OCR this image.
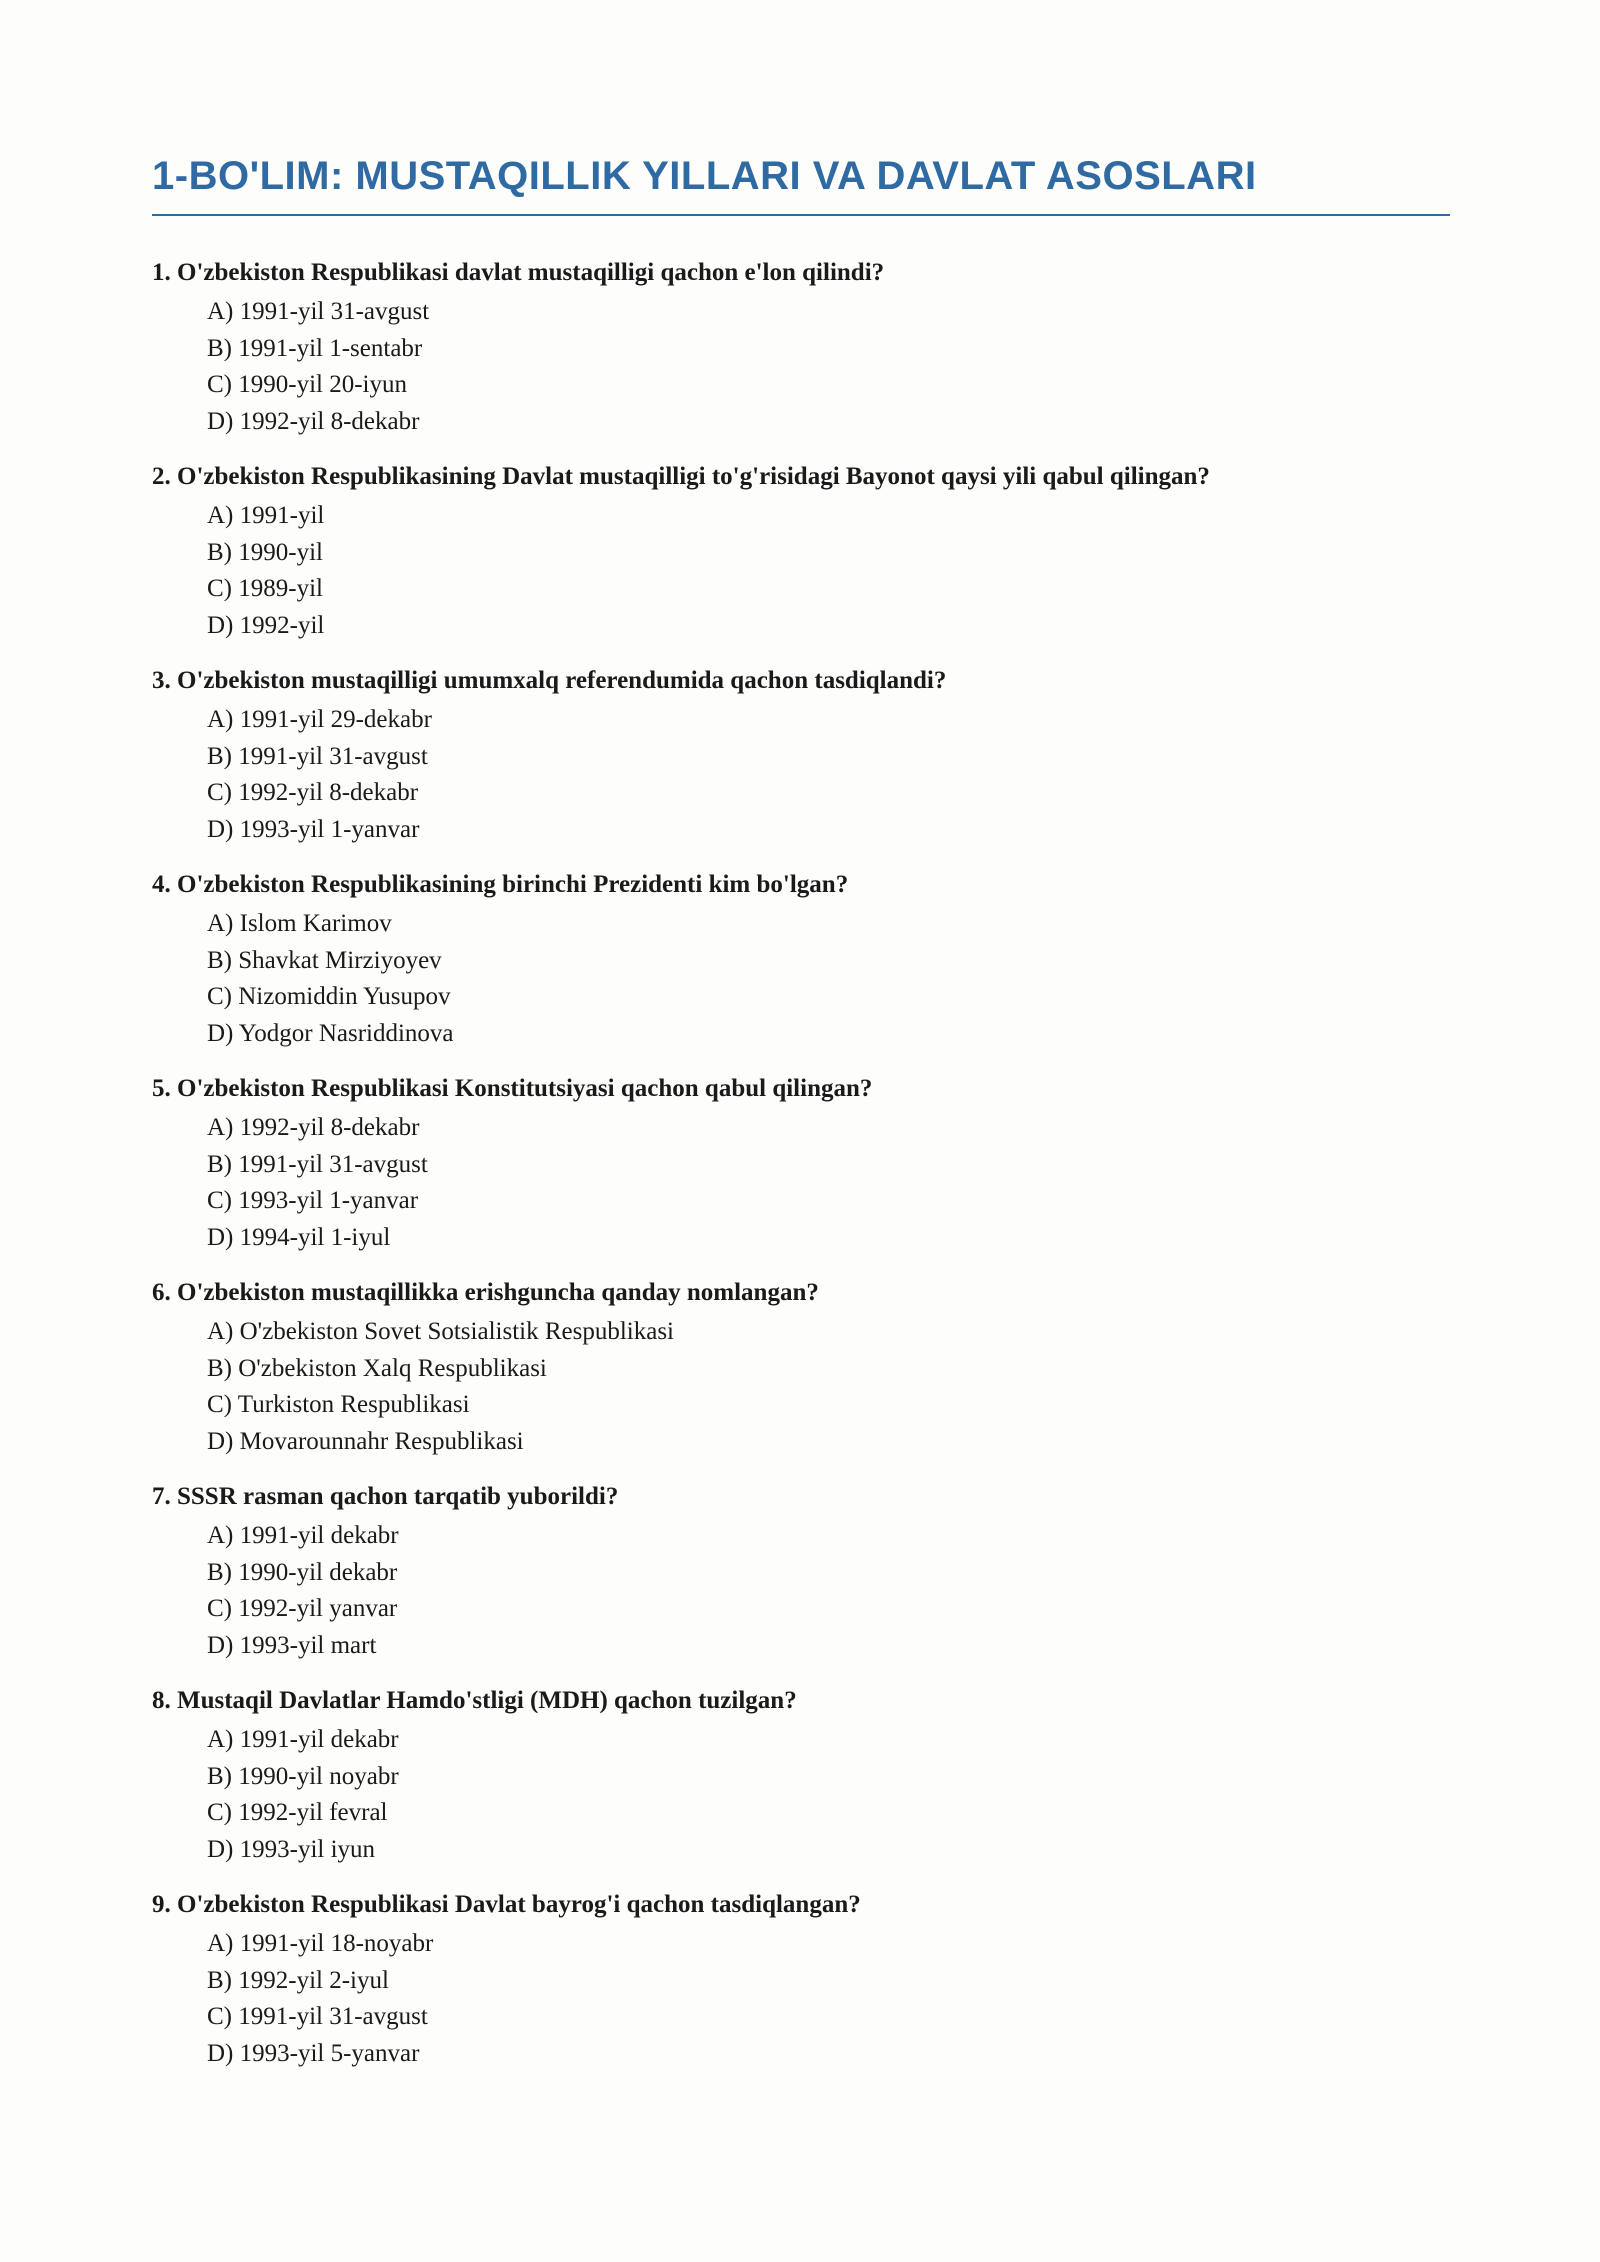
1-BO'LIM: MUSTAQILLIK YILLARI VA DAVLAT ASOSLARI
1. O'zbekiston Respublikasi davlat mustaqilligi qachon e'lon qilindi?
A) 1991-yil 31-avgust
B) 1991-yil 1-sentabr
C) 1990-yil 20-iyun
D) 1992-yil 8-dekabr
2. O'zbekiston Respublikasining Davlat mustaqilligi to'g'risidagi Bayonot qaysi yili qabul qilingan?
A) 1991-yil
B) 1990-yil
C) 1989-yil
D) 1992-yil
3. O'zbekiston mustaqilligi umumxalq referendumida qachon tasdiqlandi?
A) 1991-yil 29-dekabr
B) 1991-yil 31-avgust
C) 1992-yil 8-dekabr
D) 1993-yil 1-yanvar
4. O'zbekiston Respublikasining birinchi Prezidenti kim bo'lgan?
A) Islom Karimov
B) Shavkat Mirziyoyev
C) Nizomiddin Yusupov
D) Yodgor Nasriddinova
5. O'zbekiston Respublikasi Konstitutsiyasi qachon qabul qilingan?
A) 1992-yil 8-dekabr
B) 1991-yil 31-avgust
C) 1993-yil 1-yanvar
D) 1994-yil 1-iyul
6. O'zbekiston mustaqillikka erishguncha qanday nomlangan?
A) O'zbekiston Sovet Sotsialistik Respublikasi
B) O'zbekiston Xalq Respublikasi
C) Turkiston Respublikasi
D) Movarounnahr Respublikasi
7. SSSR rasman qachon tarqatib yuborildi?
A) 1991-yil dekabr
B) 1990-yil dekabr
C) 1992-yil yanvar
D) 1993-yil mart
8. Mustaqil Davlatlar Hamdo'stligi (MDH) qachon tuzilgan?
A) 1991-yil dekabr
B) 1990-yil noyabr
C) 1992-yil fevral
D) 1993-yil iyun
9. O'zbekiston Respublikasi Davlat bayrog'i qachon tasdiqlangan?
A) 1991-yil 18-noyabr
B) 1992-yil 2-iyul
C) 1991-yil 31-avgust
D) 1993-yil 5-yanvar
